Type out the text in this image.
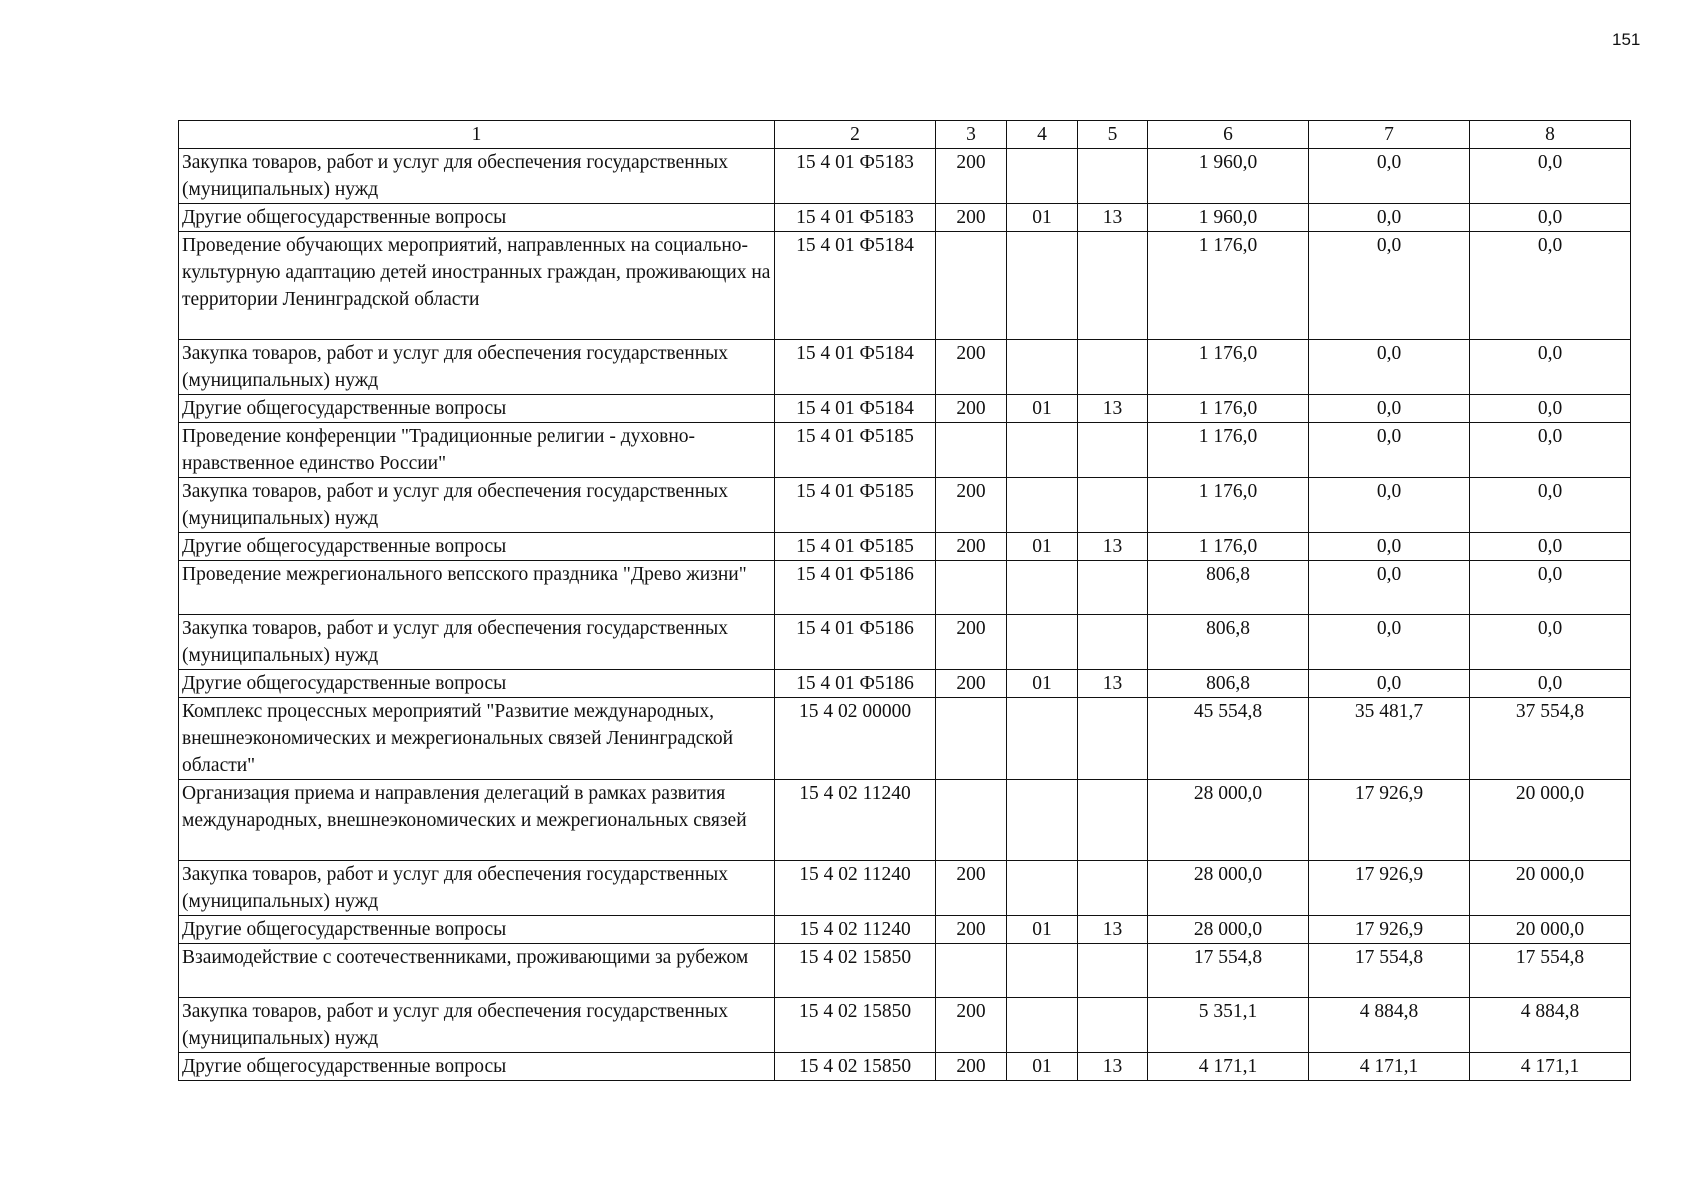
151
1	2	3	4	5	6	7	8
Закупка товаров, работ и услуг для обеспечения государственных (муниципальных) нужд	15 4 01 Ф5183	200			1 960,0	0,0	0,0
Другие общегосударственные вопросы	15 4 01 Ф5183	200	01	13	1 960,0	0,0	0,0
Проведение обучающих мероприятий, направленных на социально-культурную адаптацию детей иностранных граждан, проживающих на территории Ленинградской области	15 4 01 Ф5184				1 176,0	0,0	0,0
Закупка товаров, работ и услуг для обеспечения государственных (муниципальных) нужд	15 4 01 Ф5184	200			1 176,0	0,0	0,0
Другие общегосударственные вопросы	15 4 01 Ф5184	200	01	13	1 176,0	0,0	0,0
Проведение конференции "Традиционные религии - духовно-нравственное единство России"	15 4 01 Ф5185				1 176,0	0,0	0,0
Закупка товаров, работ и услуг для обеспечения государственных (муниципальных) нужд	15 4 01 Ф5185	200			1 176,0	0,0	0,0
Другие общегосударственные вопросы	15 4 01 Ф5185	200	01	13	1 176,0	0,0	0,0
Проведение межрегионального вепсского праздника "Древо жизни"	15 4 01 Ф5186				806,8	0,0	0,0
Закупка товаров, работ и услуг для обеспечения государственных (муниципальных) нужд	15 4 01 Ф5186	200			806,8	0,0	0,0
Другие общегосударственные вопросы	15 4 01 Ф5186	200	01	13	806,8	0,0	0,0
Комплекс процессных мероприятий "Развитие международных, внешнеэкономических и межрегиональных связей Ленинградской области"	15 4 02 00000				45 554,8	35 481,7	37 554,8
Организация приема и направления делегаций в рамках развития международных, внешнеэкономических и межрегиональных связей	15 4 02 11240				28 000,0	17 926,9	20 000,0
Закупка товаров, работ и услуг для обеспечения государственных (муниципальных) нужд	15 4 02 11240	200			28 000,0	17 926,9	20 000,0
Другие общегосударственные вопросы	15 4 02 11240	200	01	13	28 000,0	17 926,9	20 000,0
Взаимодействие с соотечественниками, проживающими за рубежом	15 4 02 15850				17 554,8	17 554,8	17 554,8
Закупка товаров, работ и услуг для обеспечения государственных (муниципальных) нужд	15 4 02 15850	200			5 351,1	4 884,8	4 884,8
Другие общегосударственные вопросы	15 4 02 15850	200	01	13	4 171,1	4 171,1	4 171,1
